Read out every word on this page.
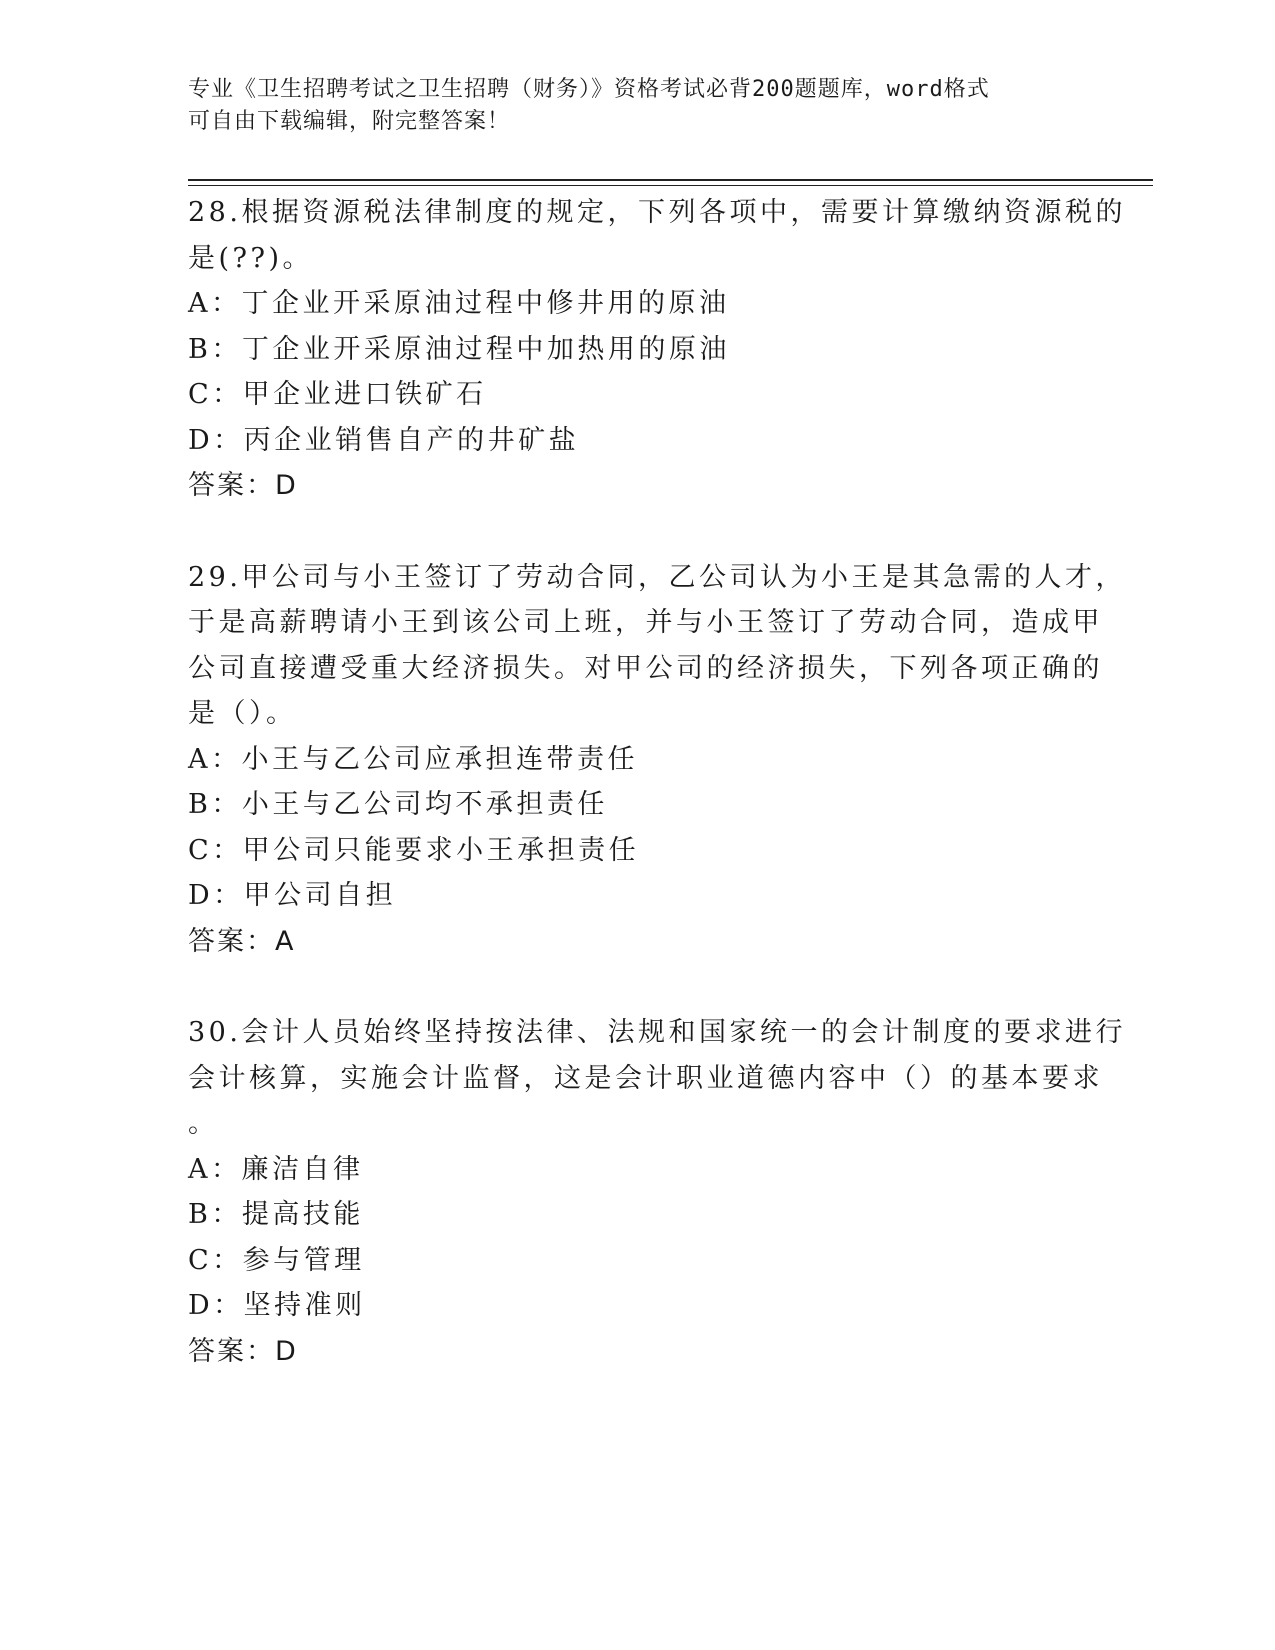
专业《卫生招聘考试之卫生招聘（财务）》资格考试必背200题题库，word格式
可自由下载编辑，附完整答案！
28.根据资源税法律制度的规定，下列各项中，需要计算缴纳资源税的
是(??)。
A：丁企业开采原油过程中修井用的原油
B：丁企业开采原油过程中加热用的原油
C：甲企业进口铁矿石
D：丙企业销售自产的井矿盐
答案：D
29.甲公司与小王签订了劳动合同，乙公司认为小王是其急需的人才，
于是高薪聘请小王到该公司上班，并与小王签订了劳动合同，造成甲
公司直接遭受重大经济损失。对甲公司的经济损失，下列各项正确的
是（）。
A：小王与乙公司应承担连带责任
B：小王与乙公司均不承担责任
C：甲公司只能要求小王承担责任
D：甲公司自担
答案：A
30.会计人员始终坚持按法律、法规和国家统一的会计制度的要求进行
会计核算，实施会计监督，这是会计职业道德内容中（）的基本要求
。
A：廉洁自律
B：提高技能
C：参与管理
D：坚持准则
答案：D
